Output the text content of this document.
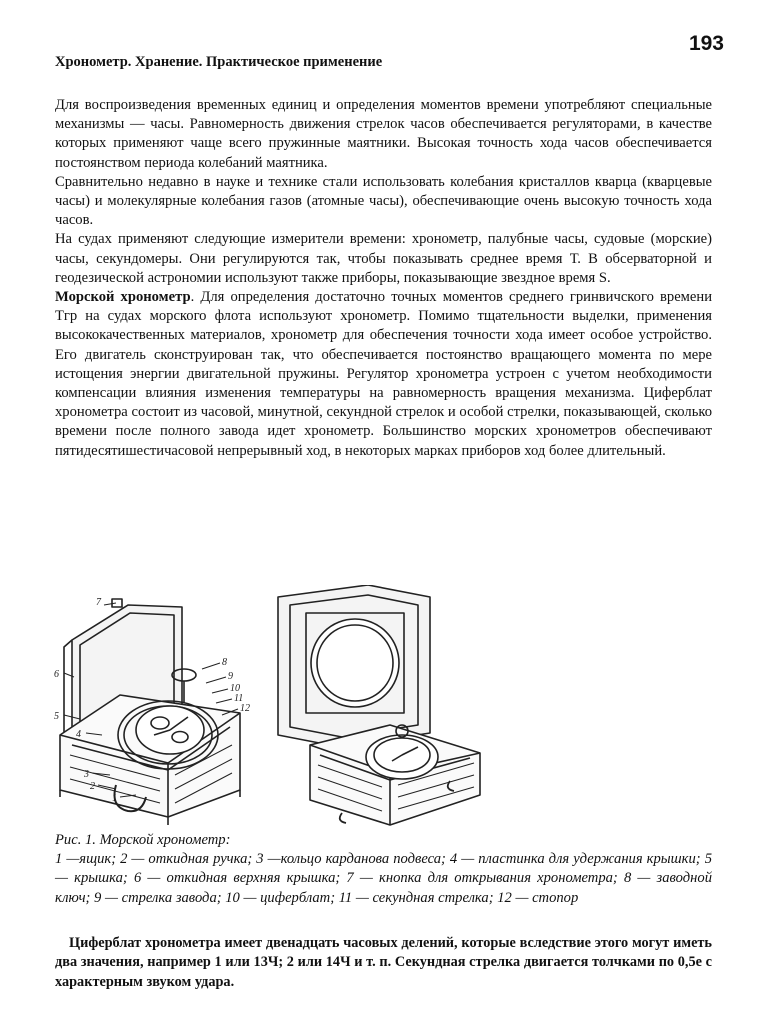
193
Хронометр. Хранение. Практическое применение

Для воспроизведения временных единиц и определения моментов времени употребляют специальные механизмы — часы. Равномерность движения стрелок часов обеспечивается регуляторами, в качестве которых применяют чаще всего пружинные маятники. Высокая точность хода часов обеспечивается постоянством периода колебаний маятника.

Сравнительно недавно в науке и технике стали использовать колебания кристаллов кварца (кварцевые часы) и молекулярные колебания газов (атомные часы), обеспечивающие очень высокую точность хода часов.

На судах применяют следующие измерители времени: хронометр, палубные часы, судовые (морские) часы, секундомеры. Они регулируются так, чтобы показывать среднее время Т. В обсерваторной и геодезической астрономии используют также приборы, показывающие звездное время S.

Морской хронометр. Для определения достаточно точных моментов среднего гринвичского времени Тгр на судах морского флота используют хронометр. Помимо тщательности выделки, применения высококачественных материалов, хронометр для обеспечения точности хода имеет особое устройство. Его двигатель сконструирован так, что обеспечивается постоянство вращающего момента по мере истощения энергии двигательной пружины. Регулятор хронометра устроен с учетом необходимости компенсации влияния изменения температуры на равномерность вращения механизма. Циферблат хронометра состоит из часовой, минутной, секундной стрелок и особой стрелки, показывающей, сколько времени после полного завода идет хронометр. Большинство морских хронометров обеспечивают пятидесятишестичасовой непрерывный ход, в некоторых марках приборов ход более длительный.

7
6
5
4
3
2
1
8
9
10
11
12
Рис. 1. Морской хронометр:
1 —ящик; 2 — откидная ручка; 3 —кольцо карданова подвеса; 4 — пластинка для удержания крышки; 5 — крышка; 6 — откидная верхняя крышка; 7 — кнопка для открывания хронометра; 8 — заводной ключ; 9 — стрелка завода; 10 — циферблат; 11 — секундная стрелка; 12 — стопор
Циферблат хронометра имеет двенадцать часовых делений, которые вследствие этого могут иметь два значения, например 1 или 13Ч; 2 или 14Ч и т. п. Секундная стрелка двигается толчками по 0,5е с характерным звуком удара.
